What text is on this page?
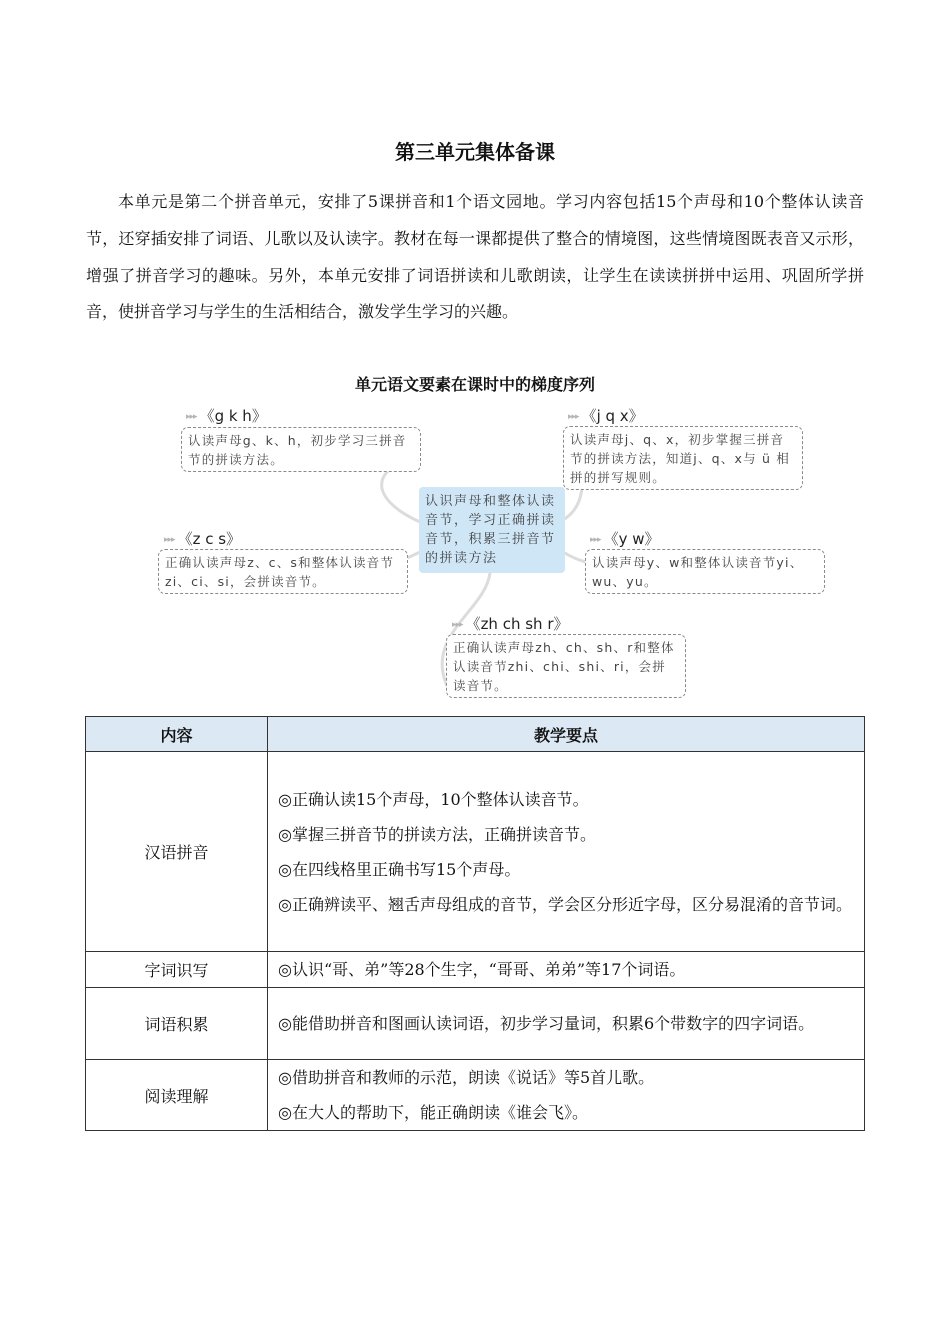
第三单元集体备课

本单元是第二个拼音单元，安排了5课拼音和1个语文园地。学习内容包括15个声母和10个整体认读音节，还穿插安排了词语、儿歌以及认读字。教材在每一课都提供了整合的情境图，这些情境图既表音又示形，增强了拼音学习的趣味。另外，本单元安排了词语拼读和儿歌朗读，让学生在读读拼拼中运用、巩固所学拼音，使拼音学习与学生的生活相结合，激发学生学习的兴趣。

单元语文要素在课时中的梯度序列
认识声母和整体认读音节，学习正确拼读音节，积累三拼音节的拼读方法
▸▸▸ 《g k h》
认读声母g、k、h，初步学习三拼音节的拼读方法。
▸▸▸ 《j q x》
认读声母j、q、x，初步掌握三拼音节的拼读方法，知道j、q、x与 ü 相拼的拼写规则。
▸▸▸ 《z c s》
正确认读声母z、c、s和整体认读音节zi、ci、si，会拼读音节。
▸▸▸ 《y w》
认读声母y、w和整体认读音节yi、wu、yu。
▸▸▸ 《zh ch sh r》
正确认读声母zh、ch、sh、r和整体认读音节zhi、chi、shi、ri，会拼读音节。
内容	教学要点
汉语拼音	◎正确认读15个声母，10个整体认读音节。
◎掌握三拼音节的拼读方法，正确拼读音节。
◎在四线格里正确书写15个声母。
◎正确辨读平、翘舌声母组成的音节，学会区分形近字母，区分易混淆的音节词。

字词识写	◎认识“哥、弟”等28个生字，“哥哥、弟弟”等17个词语。

词语积累	◎能借助拼音和图画认读词语，初步学习量词，积累6个带数字的四字词语。

阅读理解	◎借助拼音和教师的示范，朗读《说话》等5首儿歌。
◎在大人的帮助下，能正确朗读《谁会飞》。
